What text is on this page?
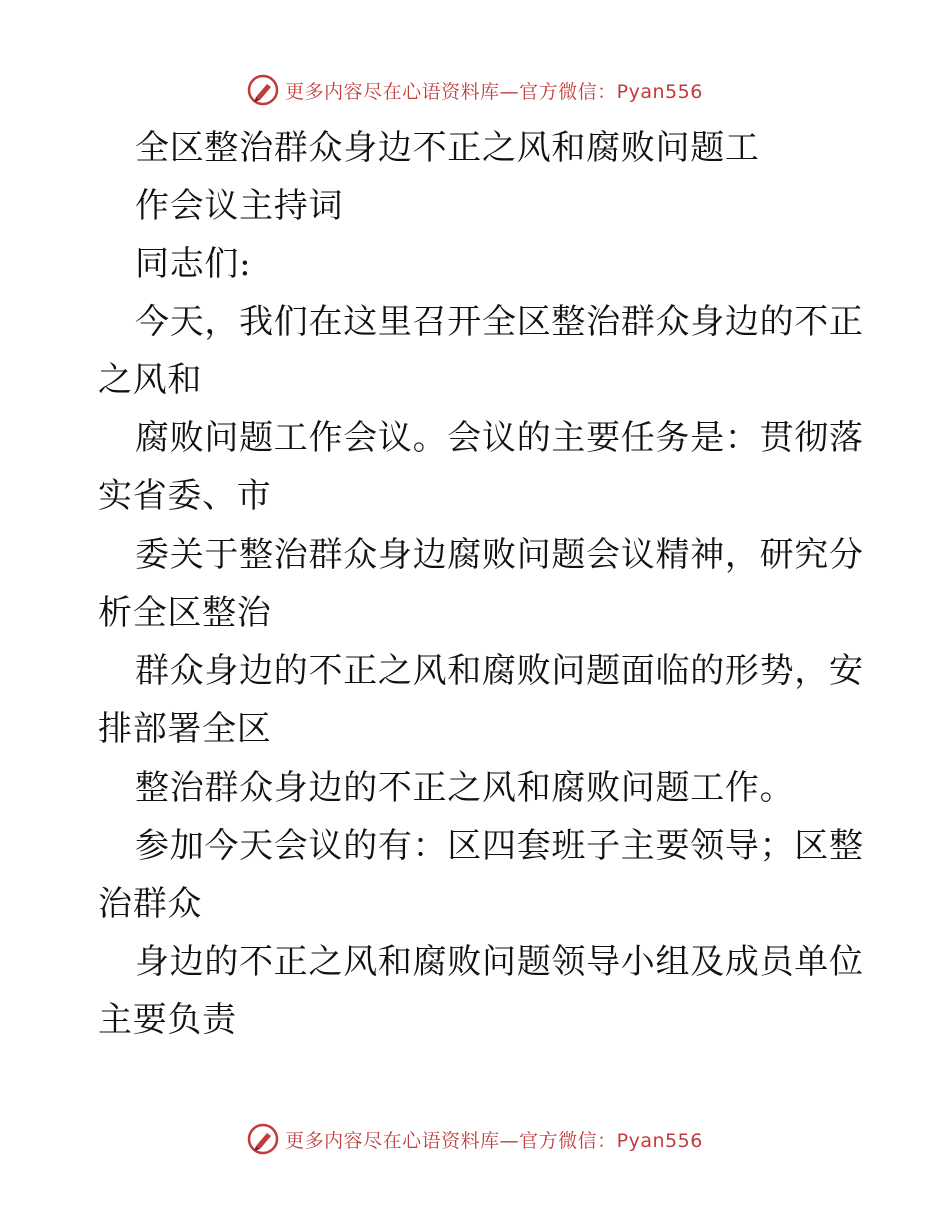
更多内容尽在心语资料库—官方微信：Pyan556
全区整治群众身边不正之风和腐败问题工
作会议主持词
同志们:
今天，我们在这里召开全区整治群众身边的不正
之风和
腐败问题工作会议。会议的主要任务是：贯彻落
实省委、市
委关于整治群众身边腐败问题会议精神，研究分
析全区整治
群众身边的不正之风和腐败问题面临的形势，安
排部署全区
整治群众身边的不正之风和腐败问题工作。
参加今天会议的有：区四套班子主要领导；区整
治群众
身边的不正之风和腐败问题领导小组及成员单位
主要负责
更多内容尽在心语资料库—官方微信：Pyan556
